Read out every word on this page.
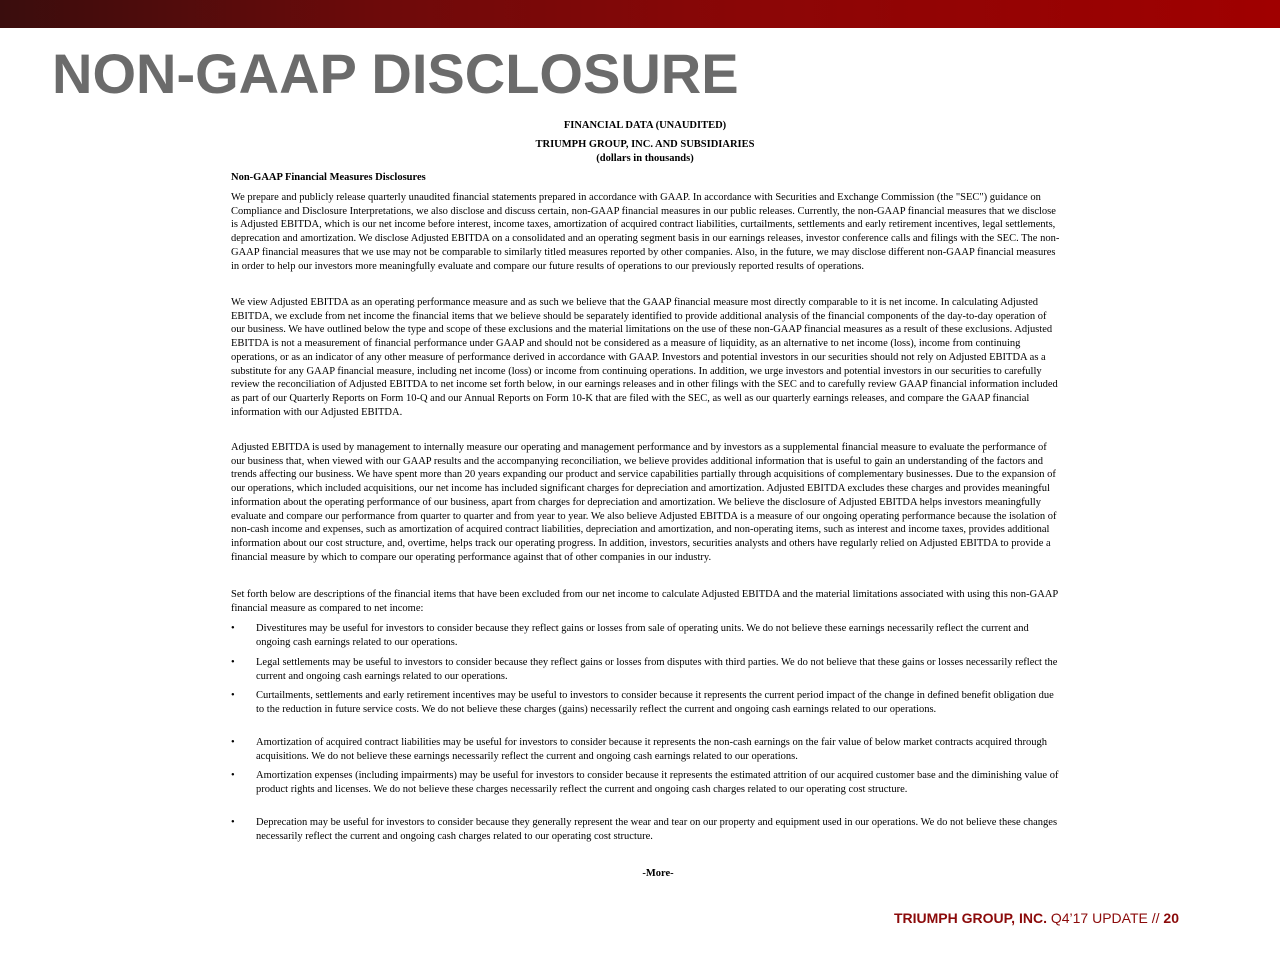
NON-GAAP DISCLOSURE
FINANCIAL DATA (UNAUDITED)
TRIUMPH GROUP, INC. AND SUBSIDIARIES
(dollars in thousands)
Non-GAAP Financial Measures Disclosures
We prepare and publicly release quarterly unaudited financial statements prepared in accordance with GAAP. In accordance with Securities and Exchange Commission (the "SEC") guidance on Compliance and Disclosure Interpretations, we also disclose and discuss certain, non-GAAP financial measures in our public releases. Currently, the non-GAAP financial measures that we disclose is Adjusted EBITDA, which is our net income before interest, income taxes, amortization of acquired contract liabilities, curtailments, settlements and early retirement incentives, legal settlements, deprecation and amortization. We disclose Adjusted EBITDA on a consolidated and an operating segment basis in our earnings releases, investor conference calls and filings with the SEC. The non-GAAP financial measures that we use may not be comparable to similarly titled measures reported by other companies. Also, in the future, we may disclose different non-GAAP financial measures in order to help our investors more meaningfully evaluate and compare our future results of operations to our previously reported results of operations.
We view Adjusted EBITDA as an operating performance measure and as such we believe that the GAAP financial measure most directly comparable to it is net income. In calculating Adjusted EBITDA, we exclude from net income the financial items that we believe should be separately identified to provide additional analysis of the financial components of the day-to-day operation of our business. We have outlined below the type and scope of these exclusions and the material limitations on the use of these non-GAAP financial measures as a result of these exclusions. Adjusted EBITDA is not a measurement of financial performance under GAAP and should not be considered as a measure of liquidity, as an alternative to net income (loss), income from continuing operations, or as an indicator of any other measure of performance derived in accordance with GAAP. Investors and potential investors in our securities should not rely on Adjusted EBITDA as a substitute for any GAAP financial measure, including net income (loss) or income from continuing operations. In addition, we urge investors and potential investors in our securities to carefully review the reconciliation of Adjusted EBITDA to net income set forth below, in our earnings releases and in other filings with the SEC and to carefully review GAAP financial information included as part of our Quarterly Reports on Form 10-Q and our Annual Reports on Form 10-K that are filed with the SEC, as well as our quarterly earnings releases, and compare the GAAP financial information with our Adjusted EBITDA.
Adjusted EBITDA is used by management to internally measure our operating and management performance and by investors as a supplemental financial measure to evaluate the performance of our business that, when viewed with our GAAP results and the accompanying reconciliation, we believe provides additional information that is useful to gain an understanding of the factors and trends affecting our business. We have spent more than 20 years expanding our product and service capabilities partially through acquisitions of complementary businesses. Due to the expansion of our operations, which included acquisitions, our net income has included significant charges for depreciation and amortization. Adjusted EBITDA excludes these charges and provides meaningful information about the operating performance of our business, apart from charges for depreciation and amortization. We believe the disclosure of Adjusted EBITDA helps investors meaningfully evaluate and compare our performance from quarter to quarter and from year to year. We also believe Adjusted EBITDA is a measure of our ongoing operating performance because the isolation of non-cash income and expenses, such as amortization of acquired contract liabilities, depreciation and amortization, and non-operating items, such as interest and income taxes, provides additional information about our cost structure, and, overtime, helps track our operating progress. In addition, investors, securities analysts and others have regularly relied on Adjusted EBITDA to provide a financial measure by which to compare our operating performance against that of other companies in our industry.
Set forth below are descriptions of the financial items that have been excluded from our net income to calculate Adjusted EBITDA and the material limitations associated with using this non-GAAP financial measure as compared to net income:
• Divestitures may be useful for investors to consider because they reflect gains or losses from sale of operating units. We do not believe these earnings necessarily reflect the current and ongoing cash earnings related to our operations.
• Legal settlements may be useful to investors to consider because they reflect gains or losses from disputes with third parties. We do not believe that these gains or losses necessarily reflect the current and ongoing cash earnings related to our operations.
• Curtailments, settlements and early retirement incentives may be useful to investors to consider because it represents the current period impact of the change in defined benefit obligation due to the reduction in future service costs. We do not believe these charges (gains) necessarily reflect the current and ongoing cash earnings related to our operations.
• Amortization of acquired contract liabilities may be useful for investors to consider because it represents the non-cash earnings on the fair value of below market contracts acquired through acquisitions. We do not believe these earnings necessarily reflect the current and ongoing cash earnings related to our operations.
• Amortization expenses (including impairments) may be useful for investors to consider because it represents the estimated attrition of our acquired customer base and the diminishing value of product rights and licenses. We do not believe these charges necessarily reflect the current and ongoing cash charges related to our operating cost structure.
• Deprecation may be useful for investors to consider because they generally represent the wear and tear on our property and equipment used in our operations. We do not believe these changes necessarily reflect the current and ongoing cash charges related to our operating cost structure.
-More-
TRIUMPH GROUP, INC. Q4’17 UPDATE // 20
